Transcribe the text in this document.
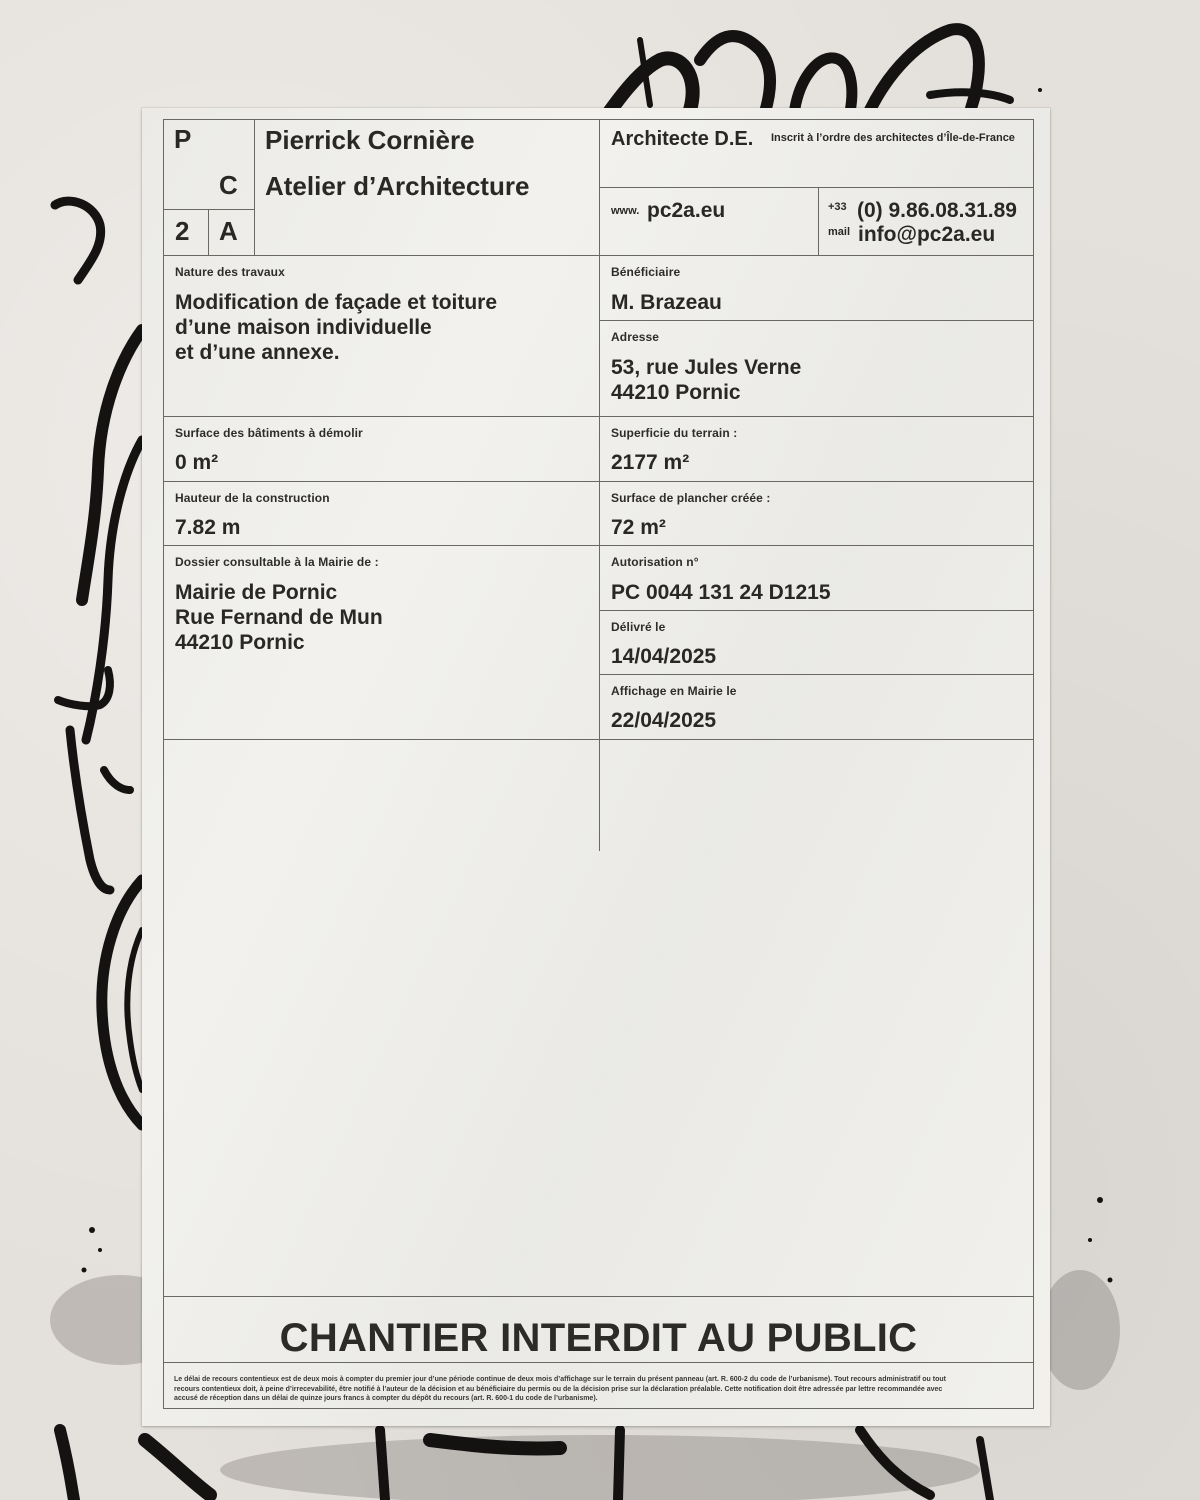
P
C
2 A
Pierrick Cornière
Atelier d’Architecture
Architecte D.E. Inscrit à l’ordre des architectes d’Île-de-France
www. pc2a.eu	+33 (0) 9.86.08.31.89
mail info@pc2a.eu
Nature des travaux
Modification de façade et toiture
d’une maison individuelle
et d’une annexe.
Bénéficiaire
M. Brazeau
Adresse
53, rue Jules Verne
44210 Pornic
Surface des bâtiments à démolir
0 m²
Superficie du terrain :
2177 m²
Hauteur de la construction
7.82 m
Surface de plancher créée :
72 m²
Dossier consultable à la Mairie de :
Mairie de Pornic
Rue Fernand de Mun
44210 Pornic
Autorisation n°
PC 0044 131 24 D1215
Délivré le
14/04/2025
Affichage en Mairie le
22/04/2025
CHANTIER INTERDIT AU PUBLIC
Le délai de recours contentieux est de deux mois à compter du premier jour d’une période continue de deux mois d’affichage sur le terrain du présent panneau (art. R. 600-2 du code de l’urbanisme). Tout recours administratif ou tout
recours contentieux doit, à peine d’irrecevabilité, être notifié à l’auteur de la décision et au bénéficiaire du permis ou de la décision prise sur la déclaration préalable. Cette notification doit être adressée par lettre recommandée avec
accusé de réception dans un délai de quinze jours francs à compter du dépôt du recours (art. R. 600-1 du code de l’urbanisme).
